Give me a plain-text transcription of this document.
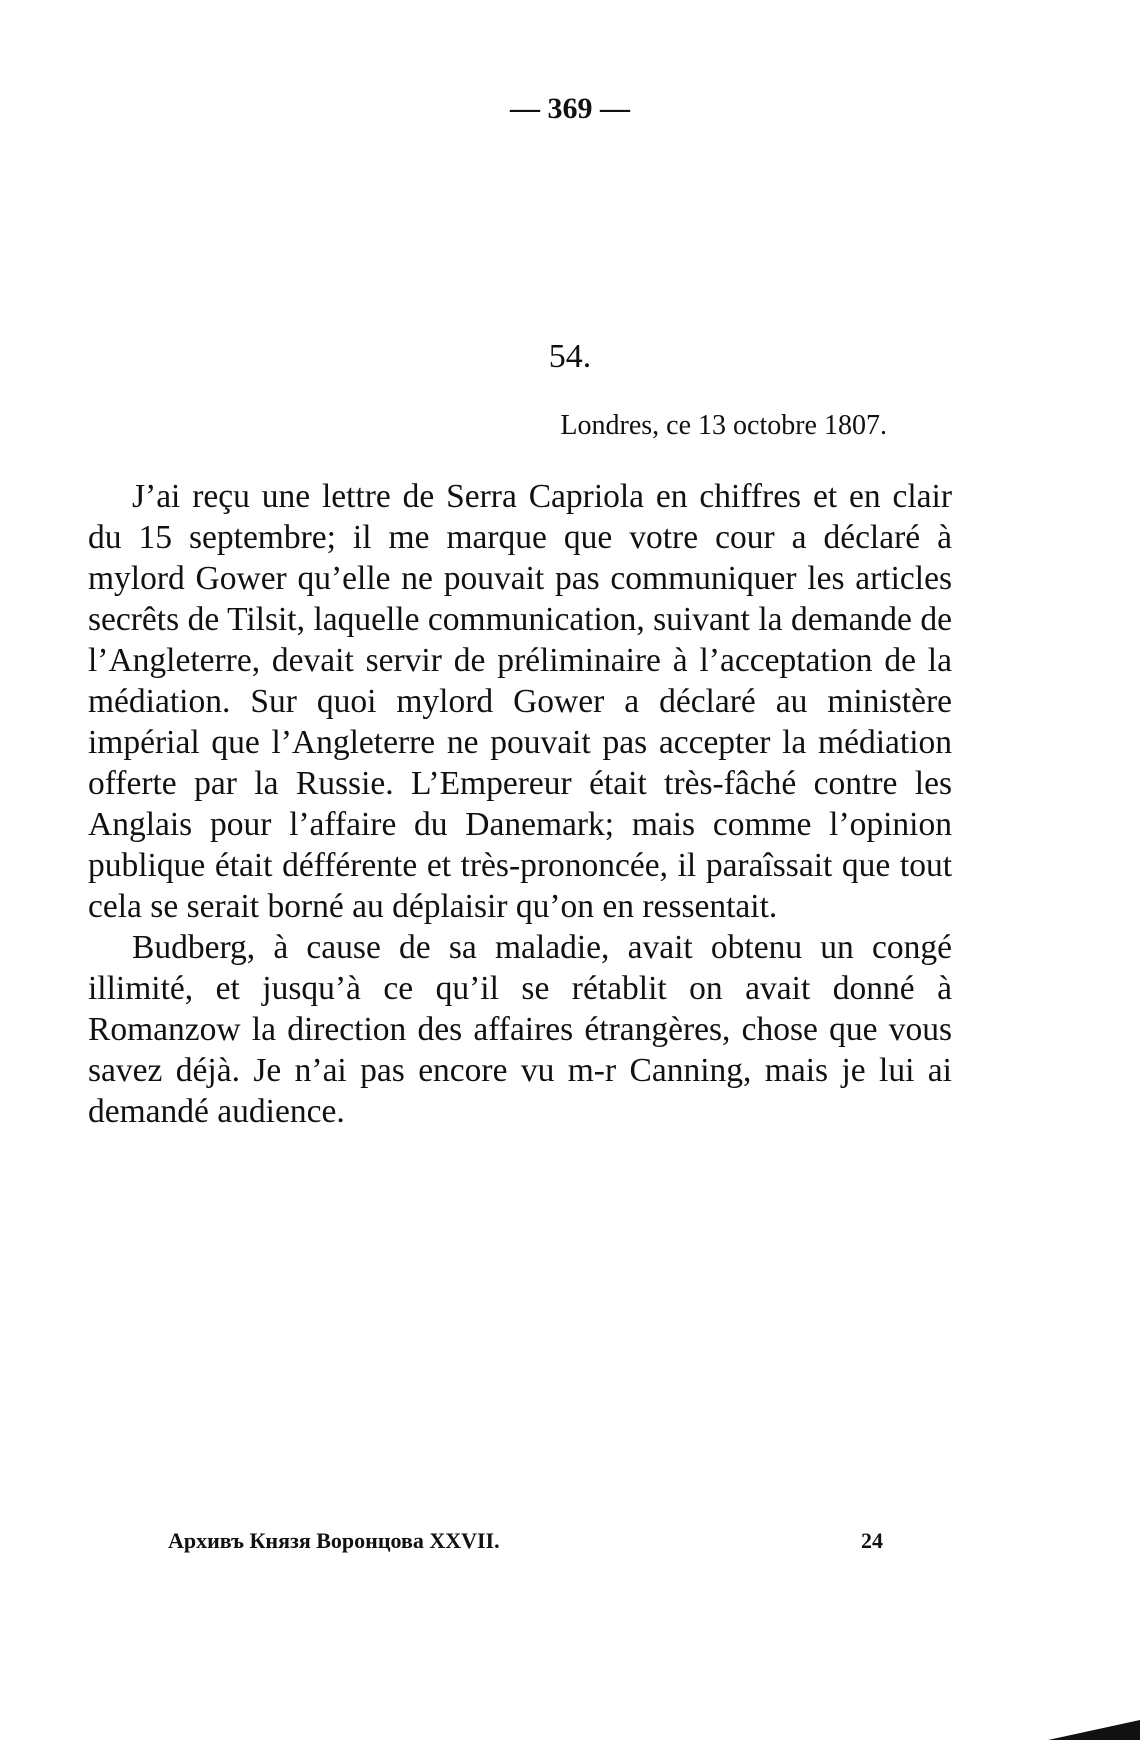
— 369 —
54.
Londres, ce 13 octobre 1807.

J’ai reçu une lettre de Serra Capriola en chiffres et en clair du 15 septembre; il me marque que votre cour a déclaré à mylord Gower qu’elle ne pouvait pas communiquer les articles secrêts de Tilsit, laquelle communication, suivant la demande de l’Angleterre, devait servir de préliminaire à l’acceptation de la médiation. Sur quoi mylord Gower a déclaré au ministère impérial que l’Angleterre ne pouvait pas accepter la médiation offerte par la Russie. L’Empereur était très-fâché contre les Anglais pour l’affaire du Danemark; mais comme l’opinion publique était défférente et très-prononcée, il paraîssait que tout cela se serait borné au déplaisir qu’on en ressentait.

Budberg, à cause de sa maladie, avait obtenu un congé illimité, et jusqu’à ce qu’il se rétablit on avait donné à Romanzow la direction des affaires étrangères, chose que vous savez déjà. Je n’ai pas encore vu m-r Canning, mais je lui ai demandé audience.

Архивъ Князя Воронцова XXVII.	24
